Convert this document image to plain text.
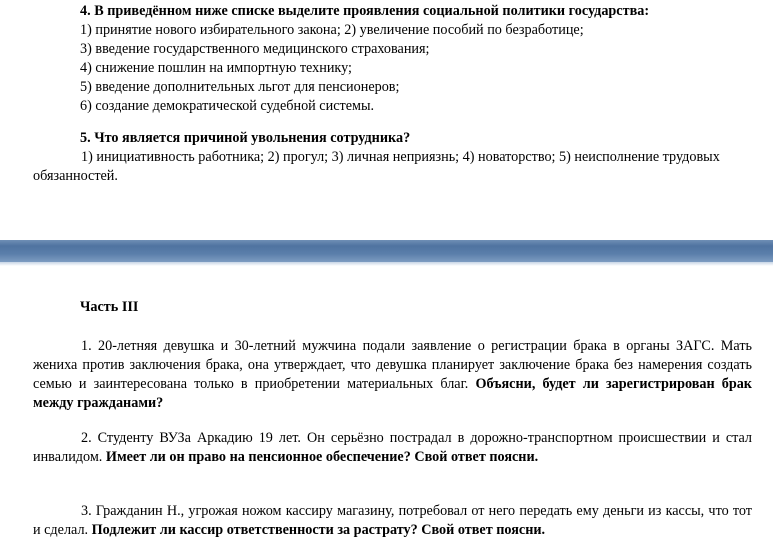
4. В приведённом ниже списке выделите проявления социальной политики государства:

1) принятие нового избирательного закона; 2) увеличение пособий по безработице;

3) введение государственного медицинского страхования;

4) снижение пошлин на импортную технику;

5) введение дополнительных льгот для пенсионеров;

6) создание демократической судебной системы.

5. Что является причиной увольнения сотрудника?

1) инициативность работника; 2) прогул; 3) личная неприязнь; 4) новаторство; 5) неисполнение трудовых обязанностей.

Часть III

1. 20-летняя девушка и 30-летний мужчина подали заявление о регистрации брака в органы ЗАГС. Мать жениха против заключения брака, она утверждает, что девушка планирует заключение брака без намерения создать семью и заинтересована только в приобретении материальных благ. Объясни, будет ли зарегистрирован брак между гражданами?

2. Студенту ВУЗа Аркадию 19 лет. Он серьёзно пострадал в дорожно-транспортном происшествии и стал инвалидом. Имеет ли он право на пенсионное обеспечение? Свой ответ поясни.

3. Гражданин Н., угрожая ножом кассиру магазину, потребовал от него передать ему деньги из кассы, что тот и сделал. Подлежит ли кассир ответственности за растрату? Свой ответ поясни.
